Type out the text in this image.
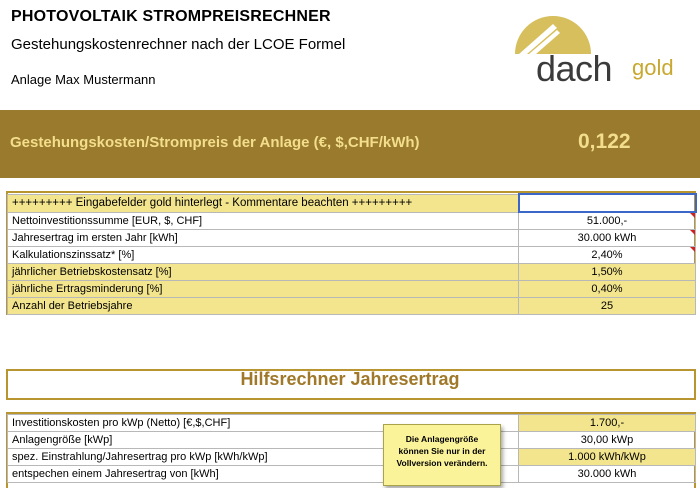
PHOTOVOLTAIK STROMPREISRECHNER
Gestehungskostenrechner nach der LCOE Formel
Anlage Max Mustermann	dach gold
Gestehungskosten/Strompreis der Anlage (€, $,CHF/kWh)	0,122
+++++++++ Eingabefelder gold hinterlegt - Kommentare beachten +++++++++	
Nettoinvestitionssumme [EUR, $, CHF]	51.000,-
Jahresertrag im ersten Jahr [kWh]	30.000 kWh
Kalkulationszinssatz* [%]	2,40%
jährlicher Betriebskostensatz [%]	1,50%
jährliche Ertragsminderung [%]	0,40%
Anzahl der Betriebsjahre	25
Hilfsrechner Jahresertrag
Investitionskosten pro kWp (Netto) [€,$,CHF]	1.700,-
Anlagengröße [kWp]	30,00 kWp
spez. Einstrahlung/Jahresertrag pro kWp [kWh/kWp]	1.000 kWh/kWp
entspechen einem Jahresertrag von [kWh]	30.000 kWh
Die Anlagengröße
können Sie nur in der
Vollversion verändern.
